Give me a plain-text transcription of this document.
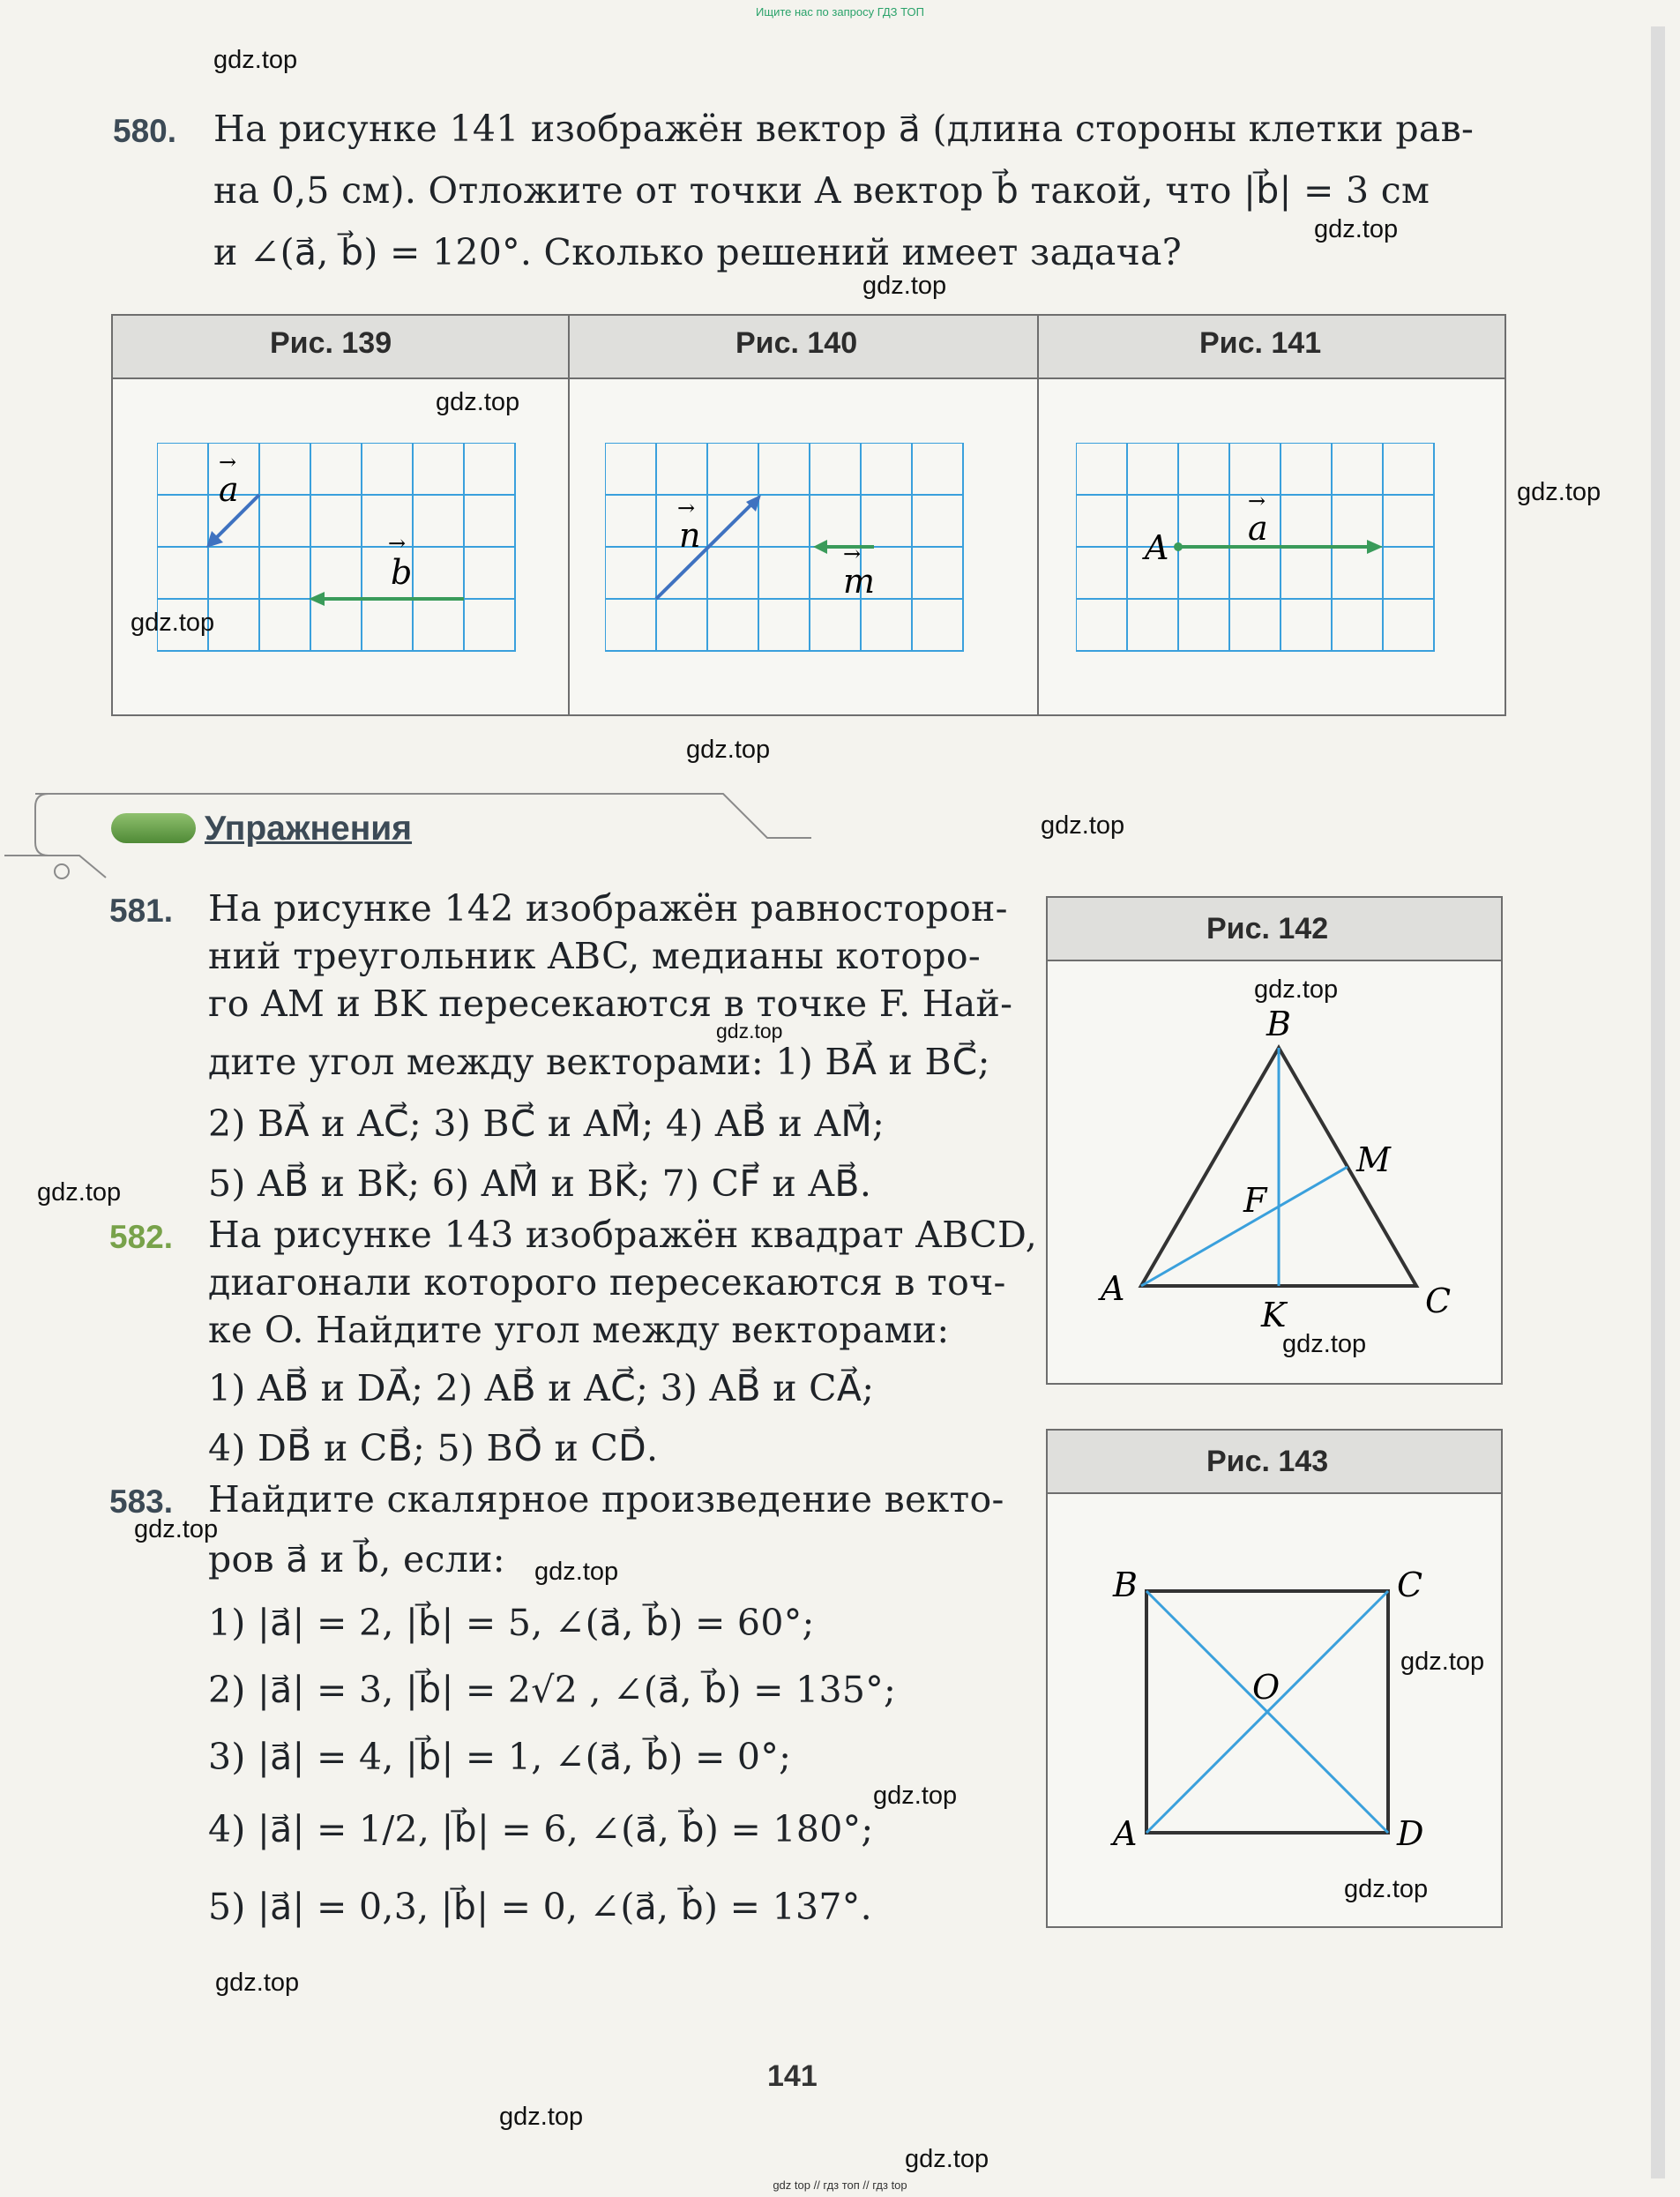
Ищите нас по запросу ГДЗ ТОП
580. На рисунке 141 изображён вектор a⃗ (длина стороны клетки рав-
на 0,5 см). Отложите от точки A вектор b⃗ такой, что |b⃗| = 3 см
и ∠(a⃗, b⃗) = 120°. Сколько решений имеет задача?
Рис. 139	Рис. 140	Рис. 141
a
→
b
→	n
→
m
→	A a
→
Упражнения
581. На рисунке 142 изображён равносторон-
ний треугольник ABC, медианы которо-
го AM и BK пересекаются в точке F. Най-
дите угол между векторами: 1) BA⃗ и BC⃗;
2) BA⃗ и AC⃗; 3) BC⃗ и AM⃗; 4) AB⃗ и AM⃗;
5) AB⃗ и BK⃗; 6) AM⃗ и BK⃗; 7) CF⃗ и AB⃗.
582. На рисунке 143 изображён квадрат ABCD,
диагонали которого пересекаются в точ-
ке O. Найдите угол между векторами:
1) AB⃗ и DA⃗; 2) AB⃗ и AC⃗; 3) AB⃗ и CA⃗;
4) DB⃗ и CB⃗; 5) BO⃗ и CD⃗.
583. Найдите скалярное произведение векто-
ров a⃗ и b⃗, если:
1) |a⃗| = 2, |b⃗| = 5, ∠(a⃗, b⃗) = 60°;
2) |a⃗| = 3, |b⃗| = 2√2 , ∠(a⃗, b⃗) = 135°;
3) |a⃗| = 4, |b⃗| = 1, ∠(a⃗, b⃗) = 0°;
4) |a⃗| = 1/2, |b⃗| = 6, ∠(a⃗, b⃗) = 180°;
5) |a⃗| = 0,3, |b⃗| = 0, ∠(a⃗, b⃗) = 137°.
Рис. 142
B
M
F
A	C
K
Рис. 143
B	C
O
A	D
141
gdz.top
gdz.top
gdz.top
gdz.top
gdz.top
gdz.top
gdz.top
gdz.top
gdz.top
gdz.top
gdz.top
gdz.top
gdz.top
gdz.top
gdz.top
gdz.top
gdz.top
gdz.top
gdz.top
gdz.top
gdz top // гдз топ // гдз top
